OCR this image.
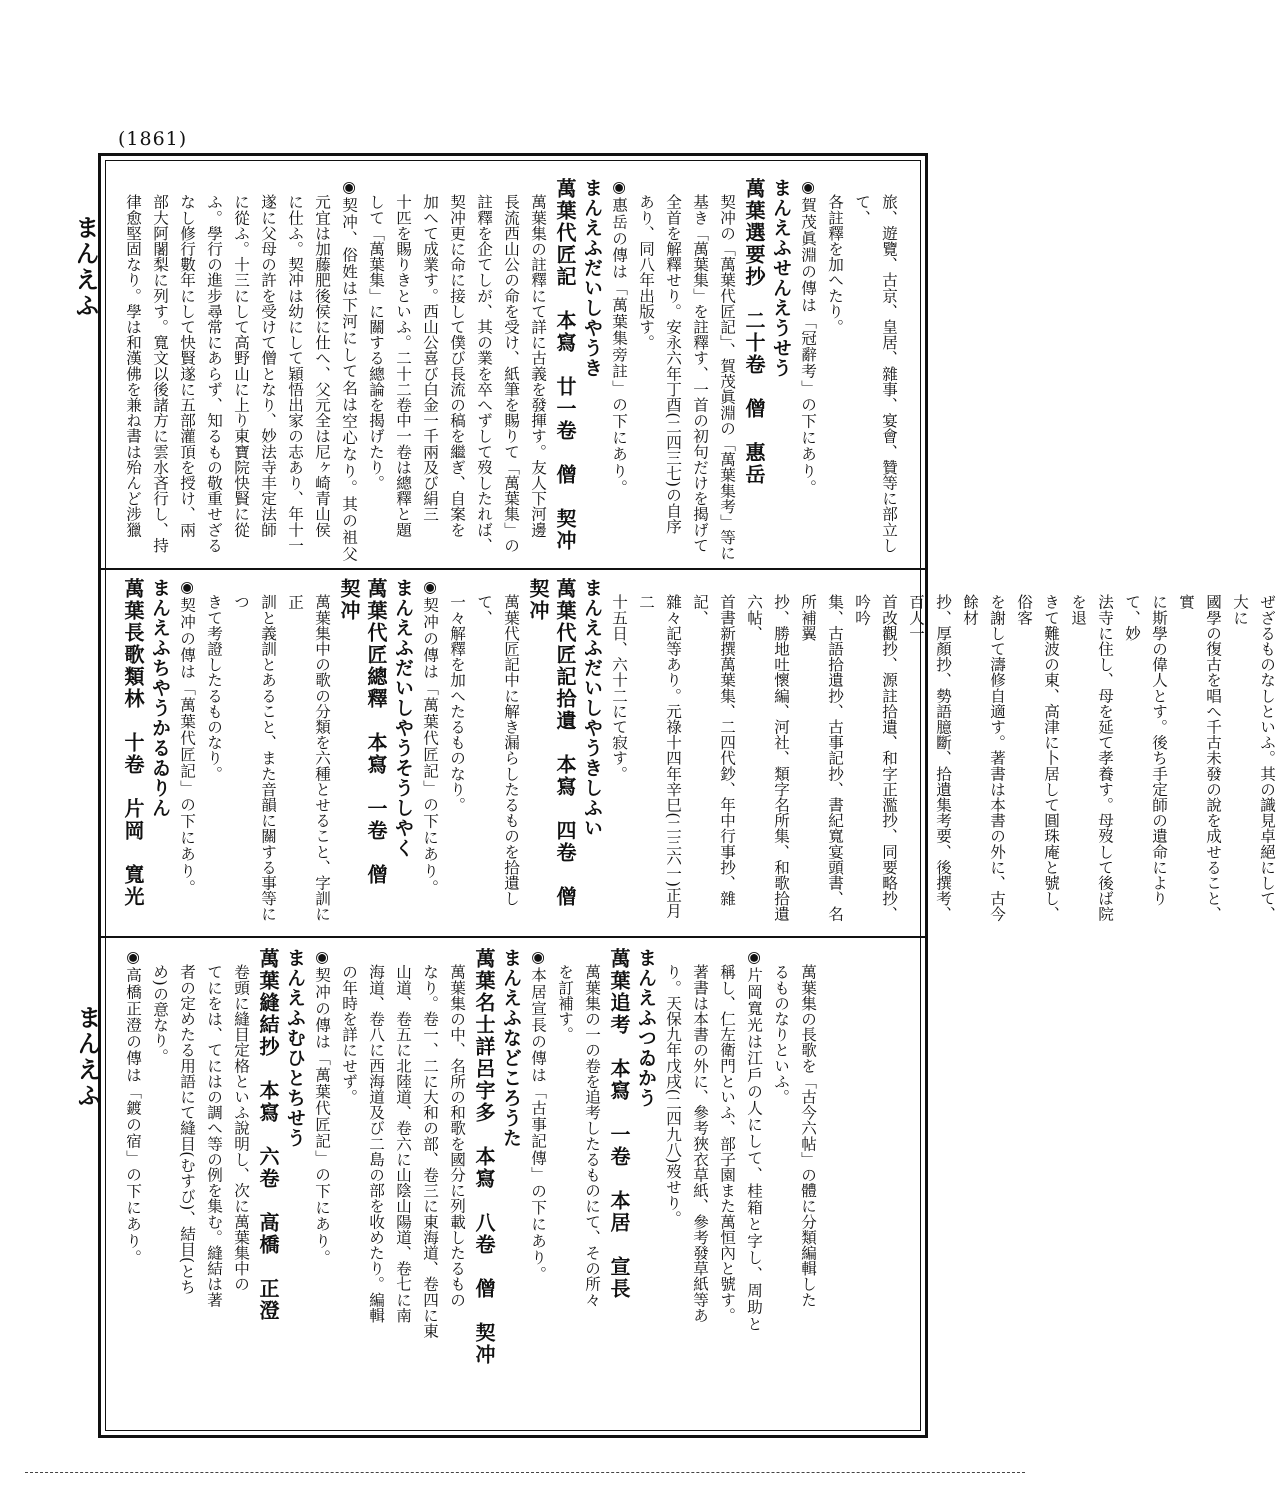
(1861)
まんえふ
まんえふ

旅、遊覽、古京、皇居、雜事、宴會、贊等に部立して、

各註釋を加へたり。

◉賀茂眞淵の傳は「冠辭考」の下にあり。

まんえふせんえうせう

萬葉選要抄　二十卷　僧　惠岳

契冲の「萬葉代匠記」、賀茂眞淵の「萬葉集考」等に

基き「萬葉集」を註釋す、一首の初句だけを揭げて

全首を解釋せり。安永六年丁酉(二四三七)の自序

あり、同八年出版す。

◉惠岳の傳は「萬葉集旁註」の下にあり。

まんえふだいしやうき

萬葉代匠記　本寫　廿一卷　僧　契冲

萬葉集の註釋にて詳に古義を發揮す。友人下河邊

長流西山公の命を受け、紙筆を賜りて「萬葉集」の

註釋を企てしが、其の業を卒へずして歿したれば、

契冲更に命に接して僕び長流の稿を繼ぎ、自案を

加へて成業す。西山公喜び白金一千兩及び絹三

十匹を賜りきといふ。二十二卷中一卷は總釋と題

して「萬葉集」に關する總論を揭げたり。

◉契冲、俗姓は下河にして名は空心なり。其の祖父

元宜は加藤肥後侯に仕へ、父元全は尼ヶ崎青山侯

に仕ふ。契冲は幼にして穎悟出家の志あり、年十一

遂に父母の許を受けて僧となり、妙法寺丰定法師

に從ふ。十三にして高野山に上り東寶院快賢に從

ふ。學行の進步尋常にあらず、知るもの敬重せざる

なし修行數年にして快賢遂に五部灌頂を授け、兩

部大阿闍梨に列す。寬文以後諸方に雲水吝行し、持

律愈堅固なり。學は和漢佛を兼ね書は殆んど涉獵

ぜざるものなしといふ。其の識見卓絕にして、大に

國學の復古を唱へ千古未發の說を成せること、實

に斯學の偉人とす。後ち手定師の遺命によりて、妙

法寺に住し、母を延て孝養す。母歿して後ば院を退

きて難波の東、高津に卜居して圓珠庵と號し、俗客

を謝して濤修自適す。著書は本書の外に、古今餘材

抄、厚顏抄、勢語臆斷、拾遺集考要、後撰考、百人一

首改觀抄、源註拾遺、和字正濫抄、同要略抄、吟吟

集、古語拾遺抄、古事記抄、書紀寬宴頭書、名所補翼

抄、勝地吐懷編、河社、類字名所集、和歌拾遺六帖、

首書新撰萬葉集、二四代鈔、年中行事抄、雜記、

雜々記等あり。元祿十四年辛巳(二三六一)正月二

十五日、六十二にて寂す。

まんえふだいしやうきしふい

萬葉代匠記拾遺　本寫　四卷　僧　契冲

萬葉代匠記中に解き漏らしたるものを拾遺して、

一々解釋を加へたるものなり。

◉契冲の傳は「萬葉代匠記」の下にあり。

まんえふだいしやうそうしやく

萬葉代匠總釋　本寫　一卷　僧　契冲

萬葉集中の歌の分類を六種とせること、字訓に正

訓と義訓とあること、また音韻に關する事等につ

きて考證したるものなり。

◉契冲の傳は「萬葉代匠記」の下にあり。

まんえふちやうかるゐりん

萬葉長歌類林　十卷　片岡　寬光

萬葉集の長歌を「古今六帖」の體に分類編輯した

るものなりといふ。

◉片岡寬光は江戶の人にして、桂箱と字し、周助と

稱し、仁左衛門といふ、部子園また萬恒內と號す。

著書は本書の外に、參考狹衣草紙、參考發草紙等あ

り。天保九年戊戌(二四九八)歿せり。

まんえふつゐかう

萬葉追考　本寫　一卷　本居　宣長

萬葉集の一の卷を追考したるものにて、その所々

を訂補す。

◉本居宣長の傳は「古事記傳」の下にあり。

まんえふなどころうた

萬葉名士詳呂宇多　本寫　八卷　僧　契冲

萬葉集の中、名所の和歌を國分に列載したるもの

なり。卷一、二に大和の部、卷三に東海道、卷四に東

山道、卷五に北陸道、卷六に山陰山陽道、卷七に南

海道、卷八に西海道及び二島の部を收めたり。編輯

の年時を詳にせず。

◉契冲の傳は「萬葉代匠記」の下にあり。

まんえふむひとちせう

萬葉縫結抄　本寫　六卷　高橋　正澄

卷頭に縫目定格といふ說明し、次に萬葉集中の

てにをは、てにはの調へ等の例を集む。縫結は著

者の定めたる用語にて縫目(むすび)、結目(とち

め)の意なり。

◉高橋正澄の傳は「鍍の宿」の下にあり。
